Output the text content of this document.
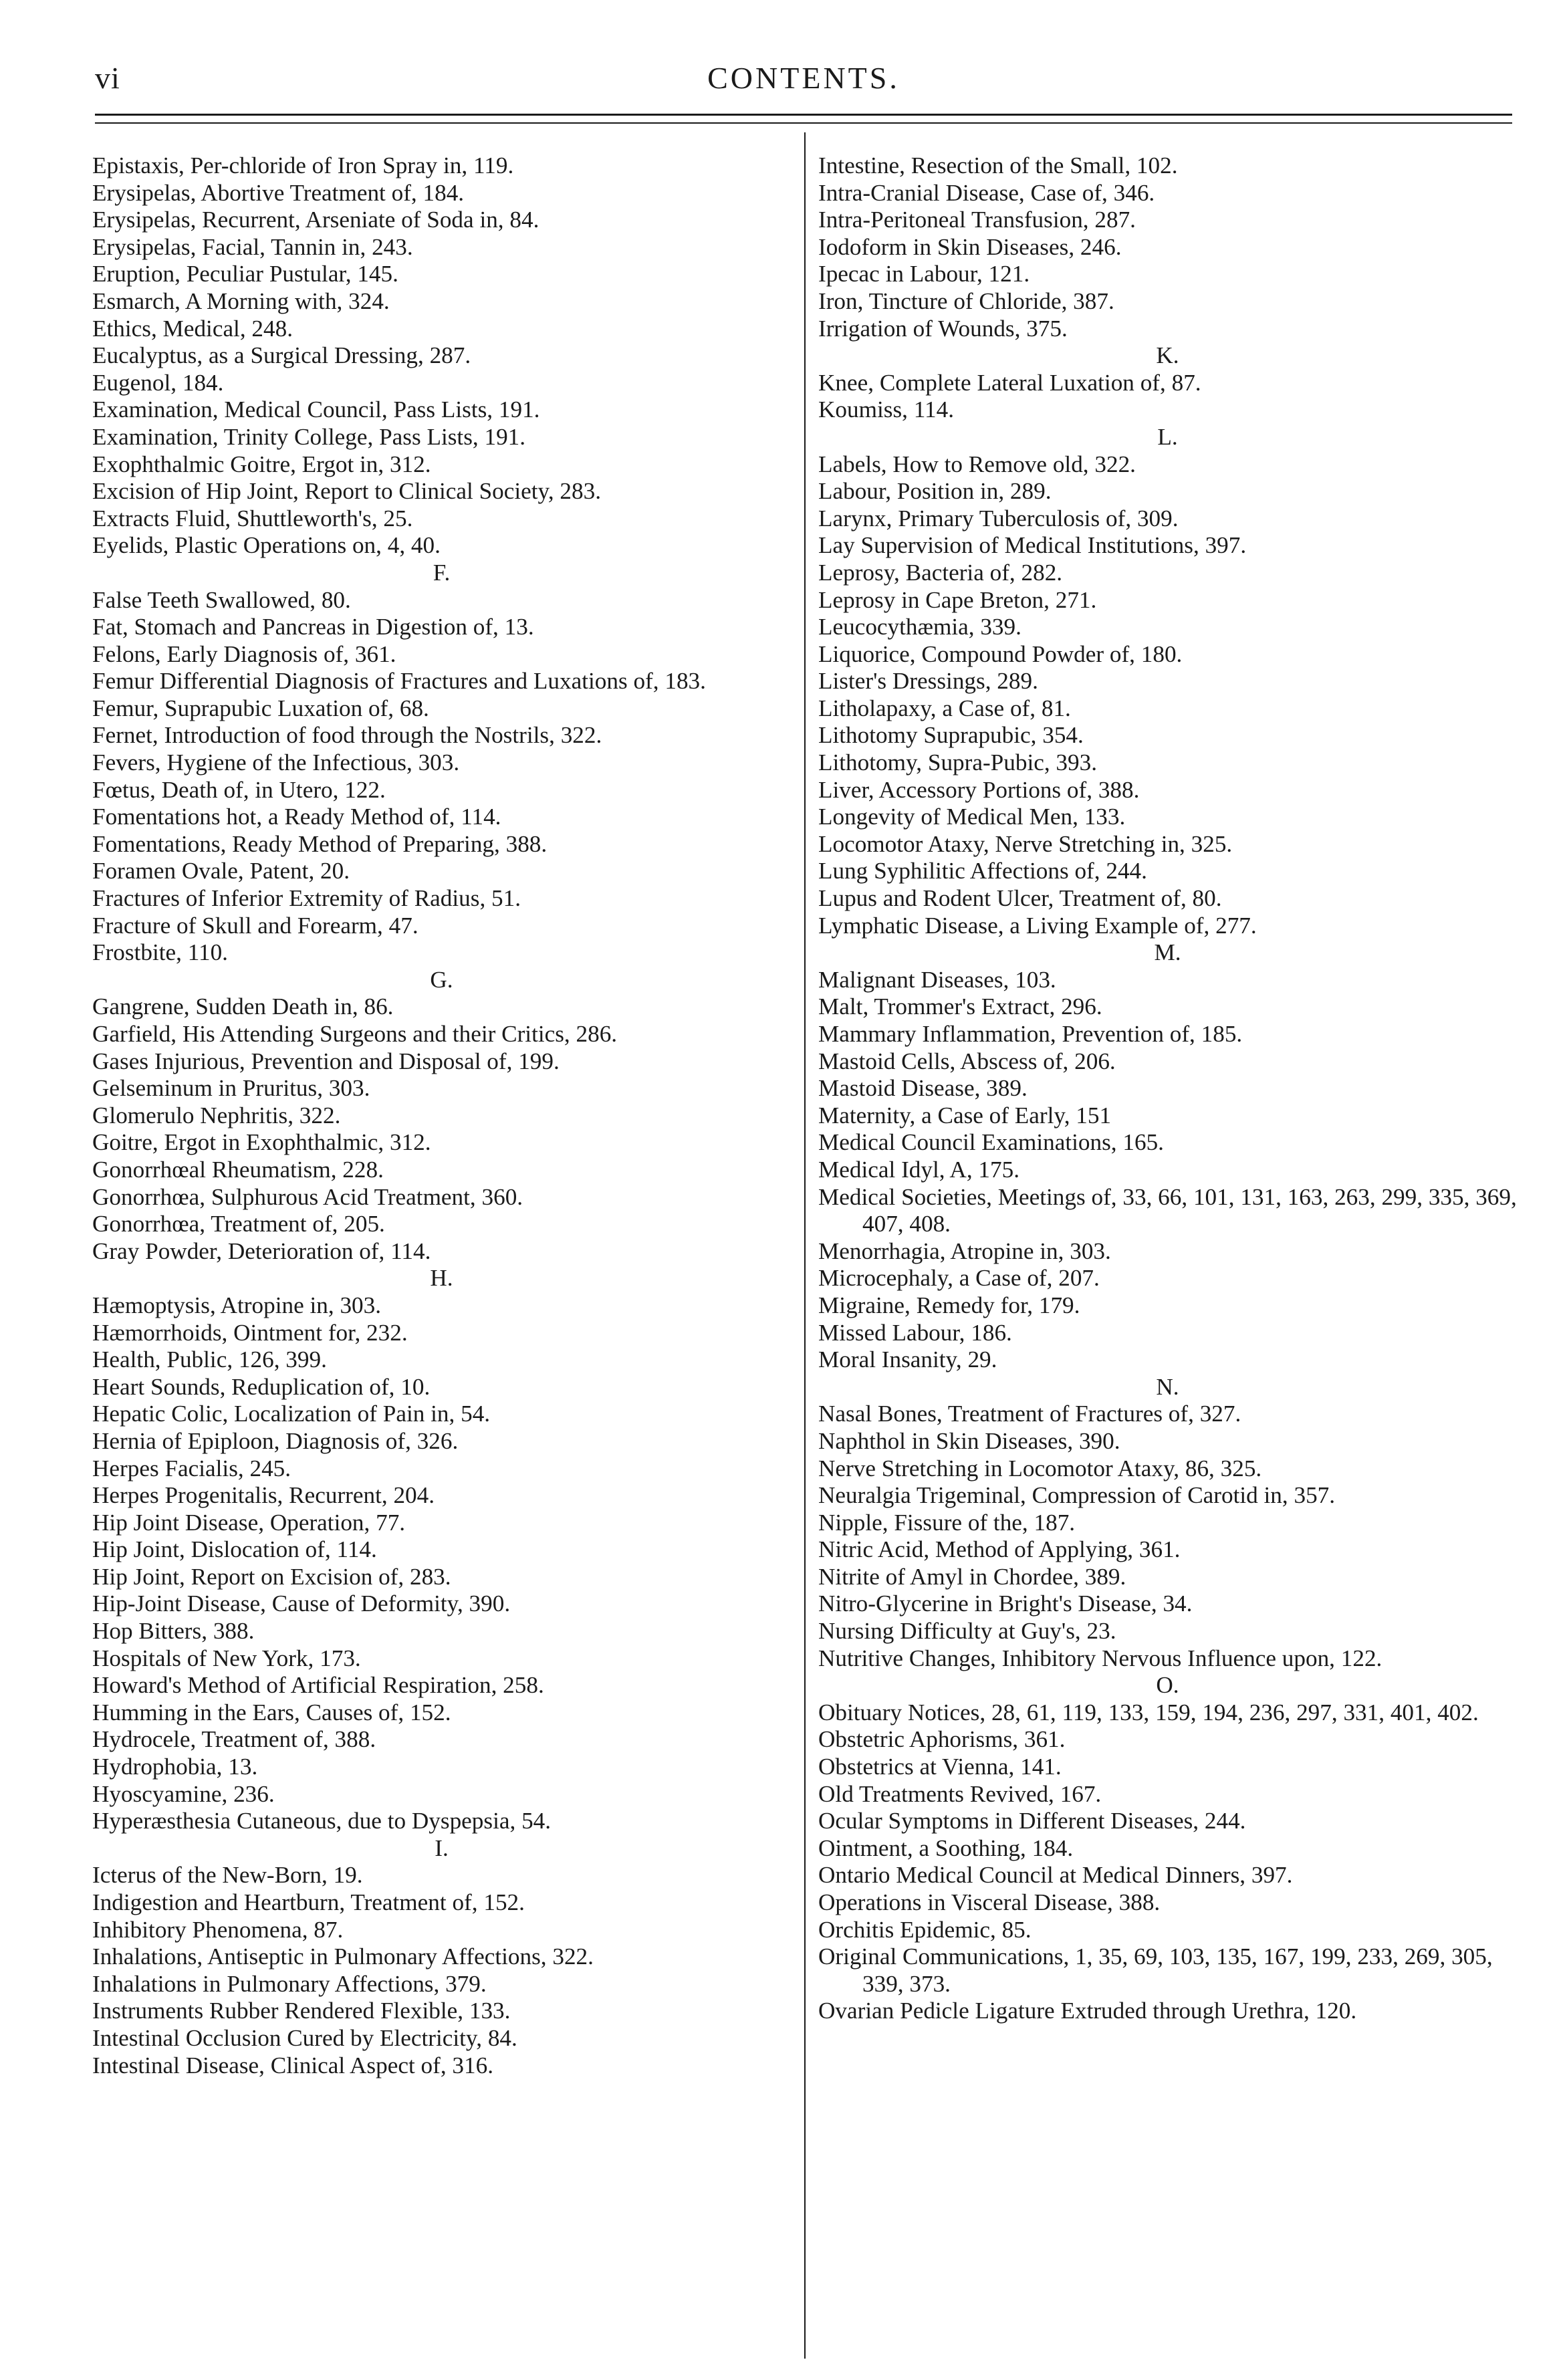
vi	CONTENTS.

Epistaxis, Per-chloride of Iron Spray in, 119.

Erysipelas, Abortive Treatment of, 184.

Erysipelas, Recurrent, Arseniate of Soda in, 84.

Erysipelas, Facial, Tannin in, 243.

Eruption, Peculiar Pustular, 145.

Esmarch, A Morning with, 324.

Ethics, Medical, 248.

Eucalyptus, as a Surgical Dressing, 287.

Eugenol, 184.

Examination, Medical Council, Pass Lists, 191.

Examination, Trinity College, Pass Lists, 191.

Exophthalmic Goitre, Ergot in, 312.

Excision of Hip Joint, Report to Clinical Society, 283.

Extracts Fluid, Shuttleworth's, 25.

Eyelids, Plastic Operations on, 4, 40.

F.

False Teeth Swallowed, 80.

Fat, Stomach and Pancreas in Digestion of, 13.

Felons, Early Diagnosis of, 361.

Femur Differential Diagnosis of Fractures and Luxations of, 183.

Femur, Suprapubic Luxation of, 68.

Fernet, Introduction of food through the Nostrils, 322.

Fevers, Hygiene of the Infectious, 303.

Fœtus, Death of, in Utero, 122.

Fomentations hot, a Ready Method of, 114.

Fomentations, Ready Method of Preparing, 388.

Foramen Ovale, Patent, 20.

Fractures of Inferior Extremity of Radius, 51.

Fracture of Skull and Forearm, 47.

Frostbite, 110.

G.

Gangrene, Sudden Death in, 86.

Garfield, His Attending Surgeons and their Critics, 286.

Gases Injurious, Prevention and Disposal of, 199.

Gelseminum in Pruritus, 303.

Glomerulo Nephritis, 322.

Goitre, Ergot in Exophthalmic, 312.

Gonorrhœal Rheumatism, 228.

Gonorrhœa, Sulphurous Acid Treatment, 360.

Gonorrhœa, Treatment of, 205.

Gray Powder, Deterioration of, 114.

H.

Hæmoptysis, Atropine in, 303.

Hæmorrhoids, Ointment for, 232.

Health, Public, 126, 399.

Heart Sounds, Reduplication of, 10.

Hepatic Colic, Localization of Pain in, 54.

Hernia of Epiploon, Diagnosis of, 326.

Herpes Facialis, 245.

Herpes Progenitalis, Recurrent, 204.

Hip Joint Disease, Operation, 77.

Hip Joint, Dislocation of, 114.

Hip Joint, Report on Excision of, 283.

Hip-Joint Disease, Cause of Deformity, 390.

Hop Bitters, 388.

Hospitals of New York, 173.

Howard's Method of Artificial Respiration, 258.

Humming in the Ears, Causes of, 152.

Hydrocele, Treatment of, 388.

Hydrophobia, 13.

Hyoscyamine, 236.

Hyperæsthesia Cutaneous, due to Dyspepsia, 54.

I.

Icterus of the New-Born, 19.

Indigestion and Heartburn, Treatment of, 152.

Inhibitory Phenomena, 87.

Inhalations, Antiseptic in Pulmonary Affections, 322.

Inhalations in Pulmonary Affections, 379.

Instruments Rubber Rendered Flexible, 133.

Intestinal Occlusion Cured by Electricity, 84.

Intestinal Disease, Clinical Aspect of, 316.

Intestine, Resection of the Small, 102.

Intra-Cranial Disease, Case of, 346.

Intra-Peritoneal Transfusion, 287.

Iodoform in Skin Diseases, 246.

Ipecac in Labour, 121.

Iron, Tincture of Chloride, 387.

Irrigation of Wounds, 375.

K.

Knee, Complete Lateral Luxation of, 87.

Koumiss, 114.

L.

Labels, How to Remove old, 322.

Labour, Position in, 289.

Larynx, Primary Tuberculosis of, 309.

Lay Supervision of Medical Institutions, 397.

Leprosy, Bacteria of, 282.

Leprosy in Cape Breton, 271.

Leucocythæmia, 339.

Liquorice, Compound Powder of, 180.

Lister's Dressings, 289.

Litholapaxy, a Case of, 81.

Lithotomy Suprapubic, 354.

Lithotomy, Supra-Pubic, 393.

Liver, Accessory Portions of, 388.

Longevity of Medical Men, 133.

Locomotor Ataxy, Nerve Stretching in, 325.

Lung Syphilitic Affections of, 244.

Lupus and Rodent Ulcer, Treatment of, 80.

Lymphatic Disease, a Living Example of, 277.

M.

Malignant Diseases, 103.

Malt, Trommer's Extract, 296.

Mammary Inflammation, Prevention of, 185.

Mastoid Cells, Abscess of, 206.

Mastoid Disease, 389.

Maternity, a Case of Early, 151

Medical Council Examinations, 165.

Medical Idyl, A, 175.

Medical Societies, Meetings of, 33, 66, 101, 131, 163, 263, 299, 335, 369, 407, 408.

Menorrhagia, Atropine in, 303.

Microcephaly, a Case of, 207.

Migraine, Remedy for, 179.

Missed Labour, 186.

Moral Insanity, 29.

N.

Nasal Bones, Treatment of Fractures of, 327.

Naphthol in Skin Diseases, 390.

Nerve Stretching in Locomotor Ataxy, 86, 325.

Neuralgia Trigeminal, Compression of Carotid in, 357.

Nipple, Fissure of the, 187.

Nitric Acid, Method of Applying, 361.

Nitrite of Amyl in Chordee, 389.

Nitro-Glycerine in Bright's Disease, 34.

Nursing Difficulty at Guy's, 23.

Nutritive Changes, Inhibitory Nervous Influence upon, 122.

O.

Obituary Notices, 28, 61, 119, 133, 159, 194, 236, 297, 331, 401, 402.

Obstetric Aphorisms, 361.

Obstetrics at Vienna, 141.

Old Treatments Revived, 167.

Ocular Symptoms in Different Diseases, 244.

Ointment, a Soothing, 184.

Ontario Medical Council at Medical Dinners, 397.

Operations in Visceral Disease, 388.

Orchitis Epidemic, 85.

Original Communications, 1, 35, 69, 103, 135, 167, 199, 233, 269, 305, 339, 373.

Ovarian Pedicle Ligature Extruded through Urethra, 120.
